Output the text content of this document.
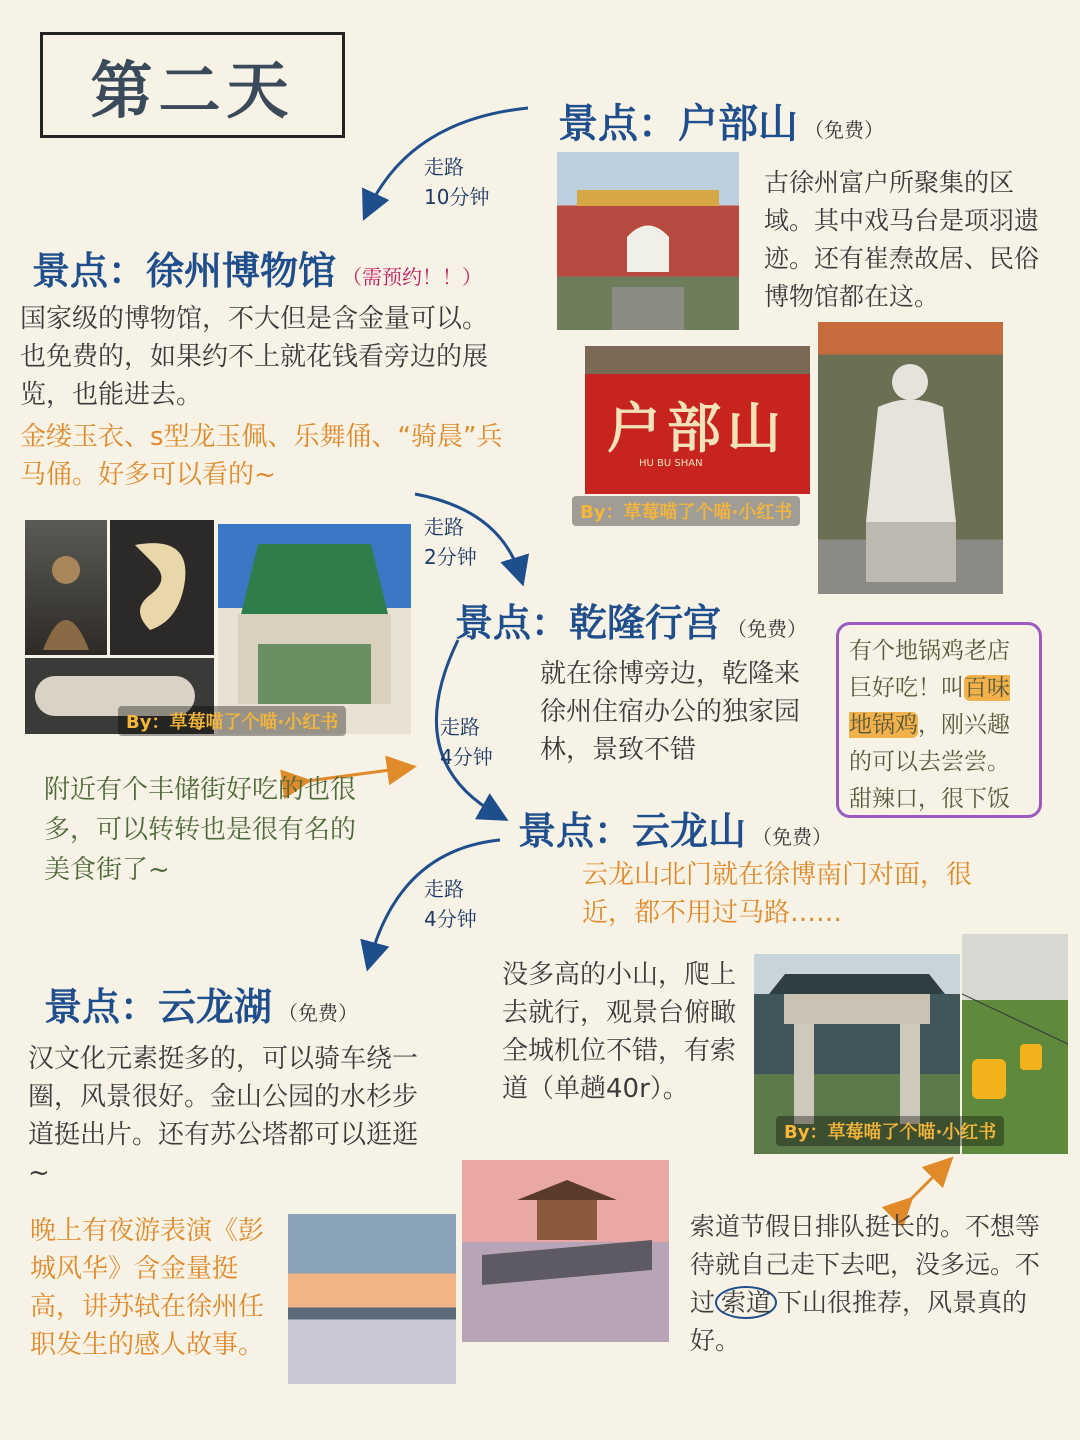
第二天	景点：户部山 （免费）
古徐州富户所聚集的区域。其中戏马台是项羽遗迹。还有崔焘故居、民俗博物馆都在这。
户部山
HU BU SHAN
By：草莓喵了个喵·小红书
走路
10分钟
景点：徐州博物馆 （需预约！！）
国家级的博物馆，不大但是含金量可以。也免费的，如果约不上就花钱看旁边的展览，也能进去。
金缕玉衣、s型龙玉佩、乐舞俑、“骑晨”兵马俑。好多可以看的~
By：草莓喵了个喵·小红书
走路
2分钟
景点：乾隆行宫 （免费）
就在徐博旁边，乾隆来徐州住宿办公的独家园林，景致不错
有个地锅鸡老店巨好吃！叫百味地锅鸡，刚兴趣的可以去尝尝。甜辣口，很下饭
走路
4分钟
附近有个丰储街好吃的也很多，可以转转也是很有名的美食街了~
景点：云龙山 （免费）
云龙山北门就在徐博南门对面，很近，都不用过马路……
没多高的小山，爬上去就行，观景台俯瞰全城机位不错，有索道（单趟40r）。
走路
4分钟
By：草莓喵了个喵·小红书
景点：云龙湖 （免费）
汉文化元素挺多的，可以骑车绕一圈，风景很好。金山公园的水杉步道挺出片。还有苏公塔都可以逛逛~
晚上有夜游表演《彭城风华》含金量挺高，讲苏轼在徐州任职发生的感人故事。
索道节假日排队挺长的。不想等待就自己走下去吧，没多远。不过 索道 下山很推荐，风景真的好。
